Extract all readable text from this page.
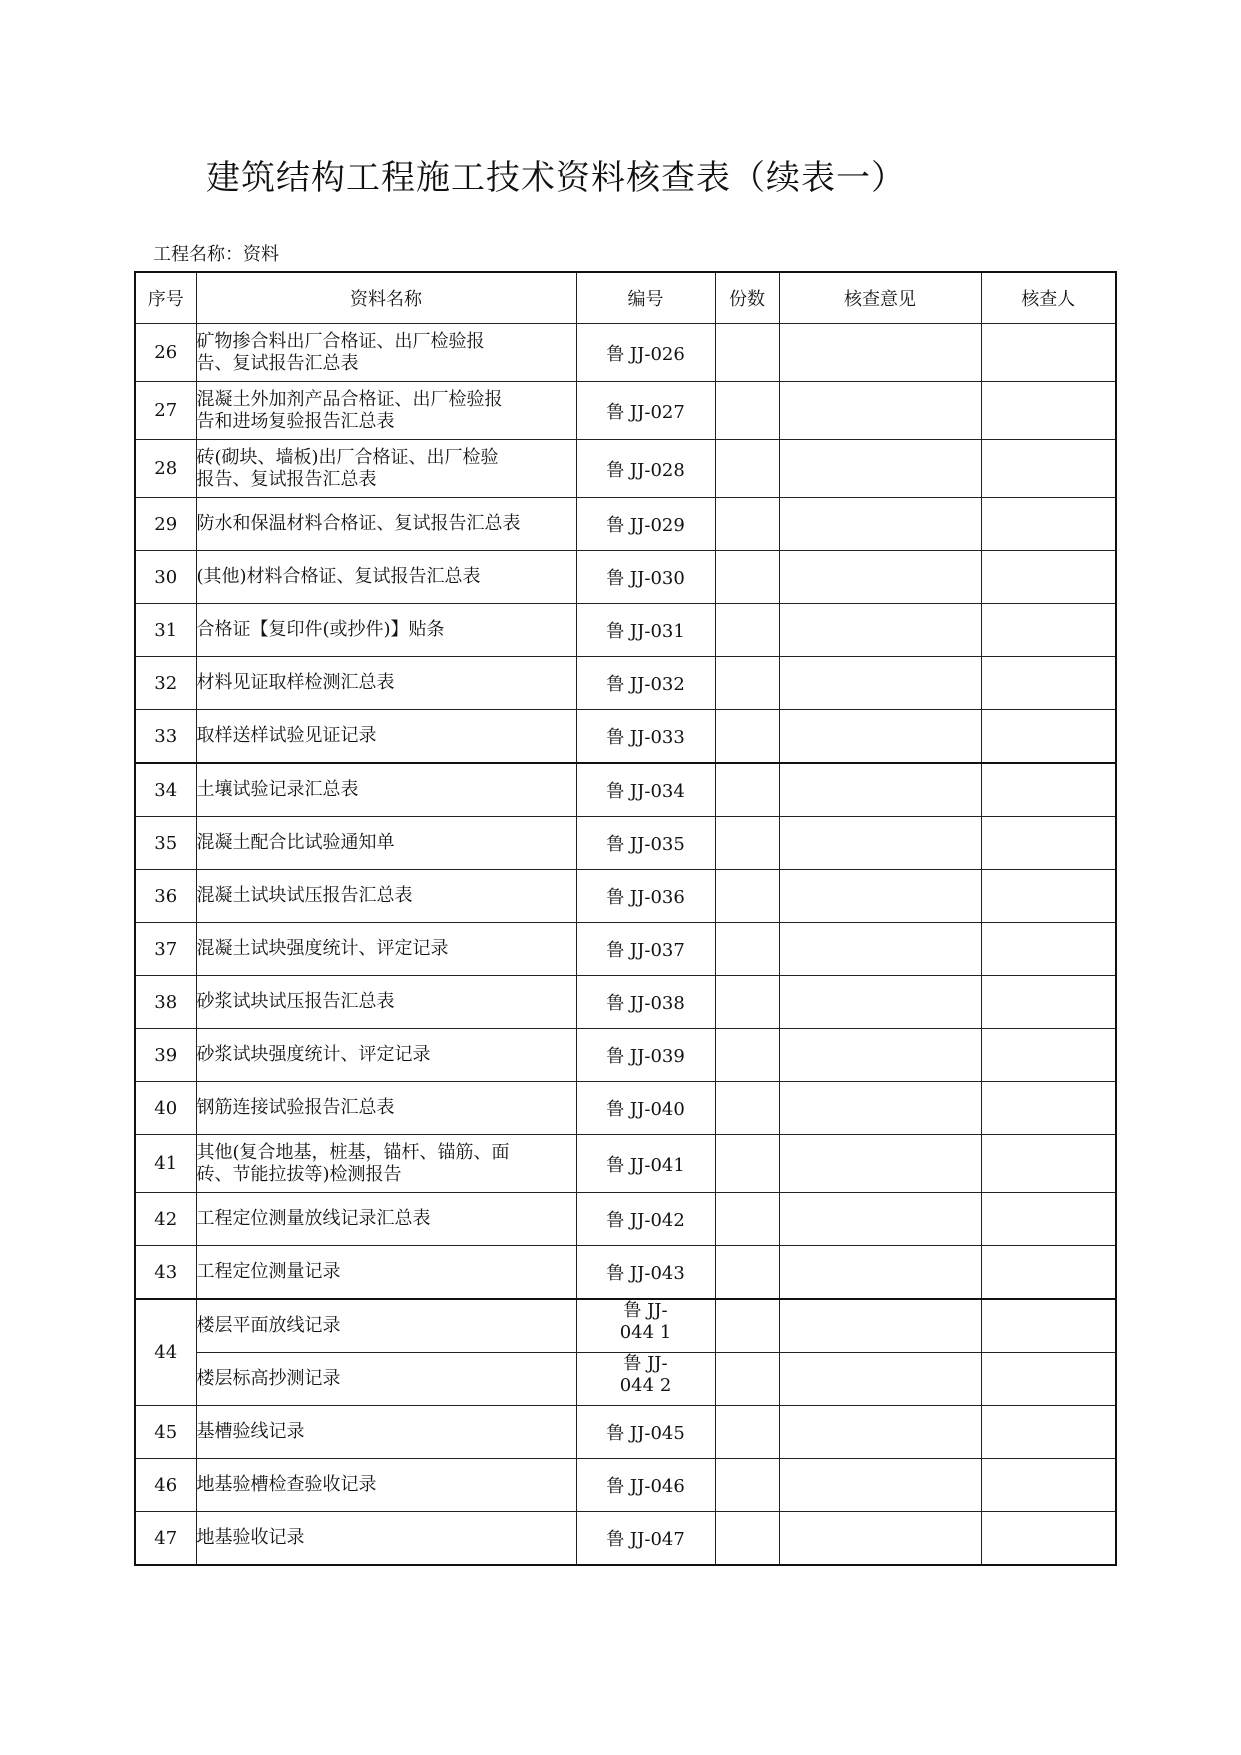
建筑结构工程施工技术资料核查表（续表一）
工程名称：资料
序号	资料名称	编号	份数	核查意见	核查人
26	矿物掺合料出厂合格证、出厂检验报
告、复试报告汇总表	鲁 JJ-026			
27	混凝土外加剂产品合格证、出厂检验报
告和进场复验报告汇总表	鲁 JJ-027			
28	砖(砌块、墙板)出厂合格证、出厂检验
报告、复试报告汇总表	鲁 JJ-028			
29	防水和保温材料合格证、复试报告汇总表	鲁 JJ-029			
30	(其他)材料合格证、复试报告汇总表	鲁 JJ-030			
31	合格证【复印件(或抄件)】贴条	鲁 JJ-031			
32	材料见证取样检测汇总表	鲁 JJ-032			
33	取样送样试验见证记录	鲁 JJ-033			
34	土壤试验记录汇总表	鲁 JJ-034			
35	混凝土配合比试验通知单	鲁 JJ-035			
36	混凝土试块试压报告汇总表	鲁 JJ-036			
37	混凝土试块强度统计、评定记录	鲁 JJ-037			
38	砂浆试块试压报告汇总表	鲁 JJ-038			
39	砂浆试块强度统计、评定记录	鲁 JJ-039			
40	钢筋连接试验报告汇总表	鲁 JJ-040			
41	其他(复合地基，桩基，锚杆、锚筋、面
砖、节能拉拔等)检测报告	鲁 JJ-041			
42	工程定位测量放线记录汇总表	鲁 JJ-042			
43	工程定位测量记录	鲁 JJ-043			
44	楼层平面放线记录	鲁 JJ-
044 1			

	楼层标高抄测记录	鲁 JJ-
044 2			

45	基槽验线记录	鲁 JJ-045			
46	地基验槽检查验收记录	鲁 JJ-046			
47	地基验收记录	鲁 JJ-047			
